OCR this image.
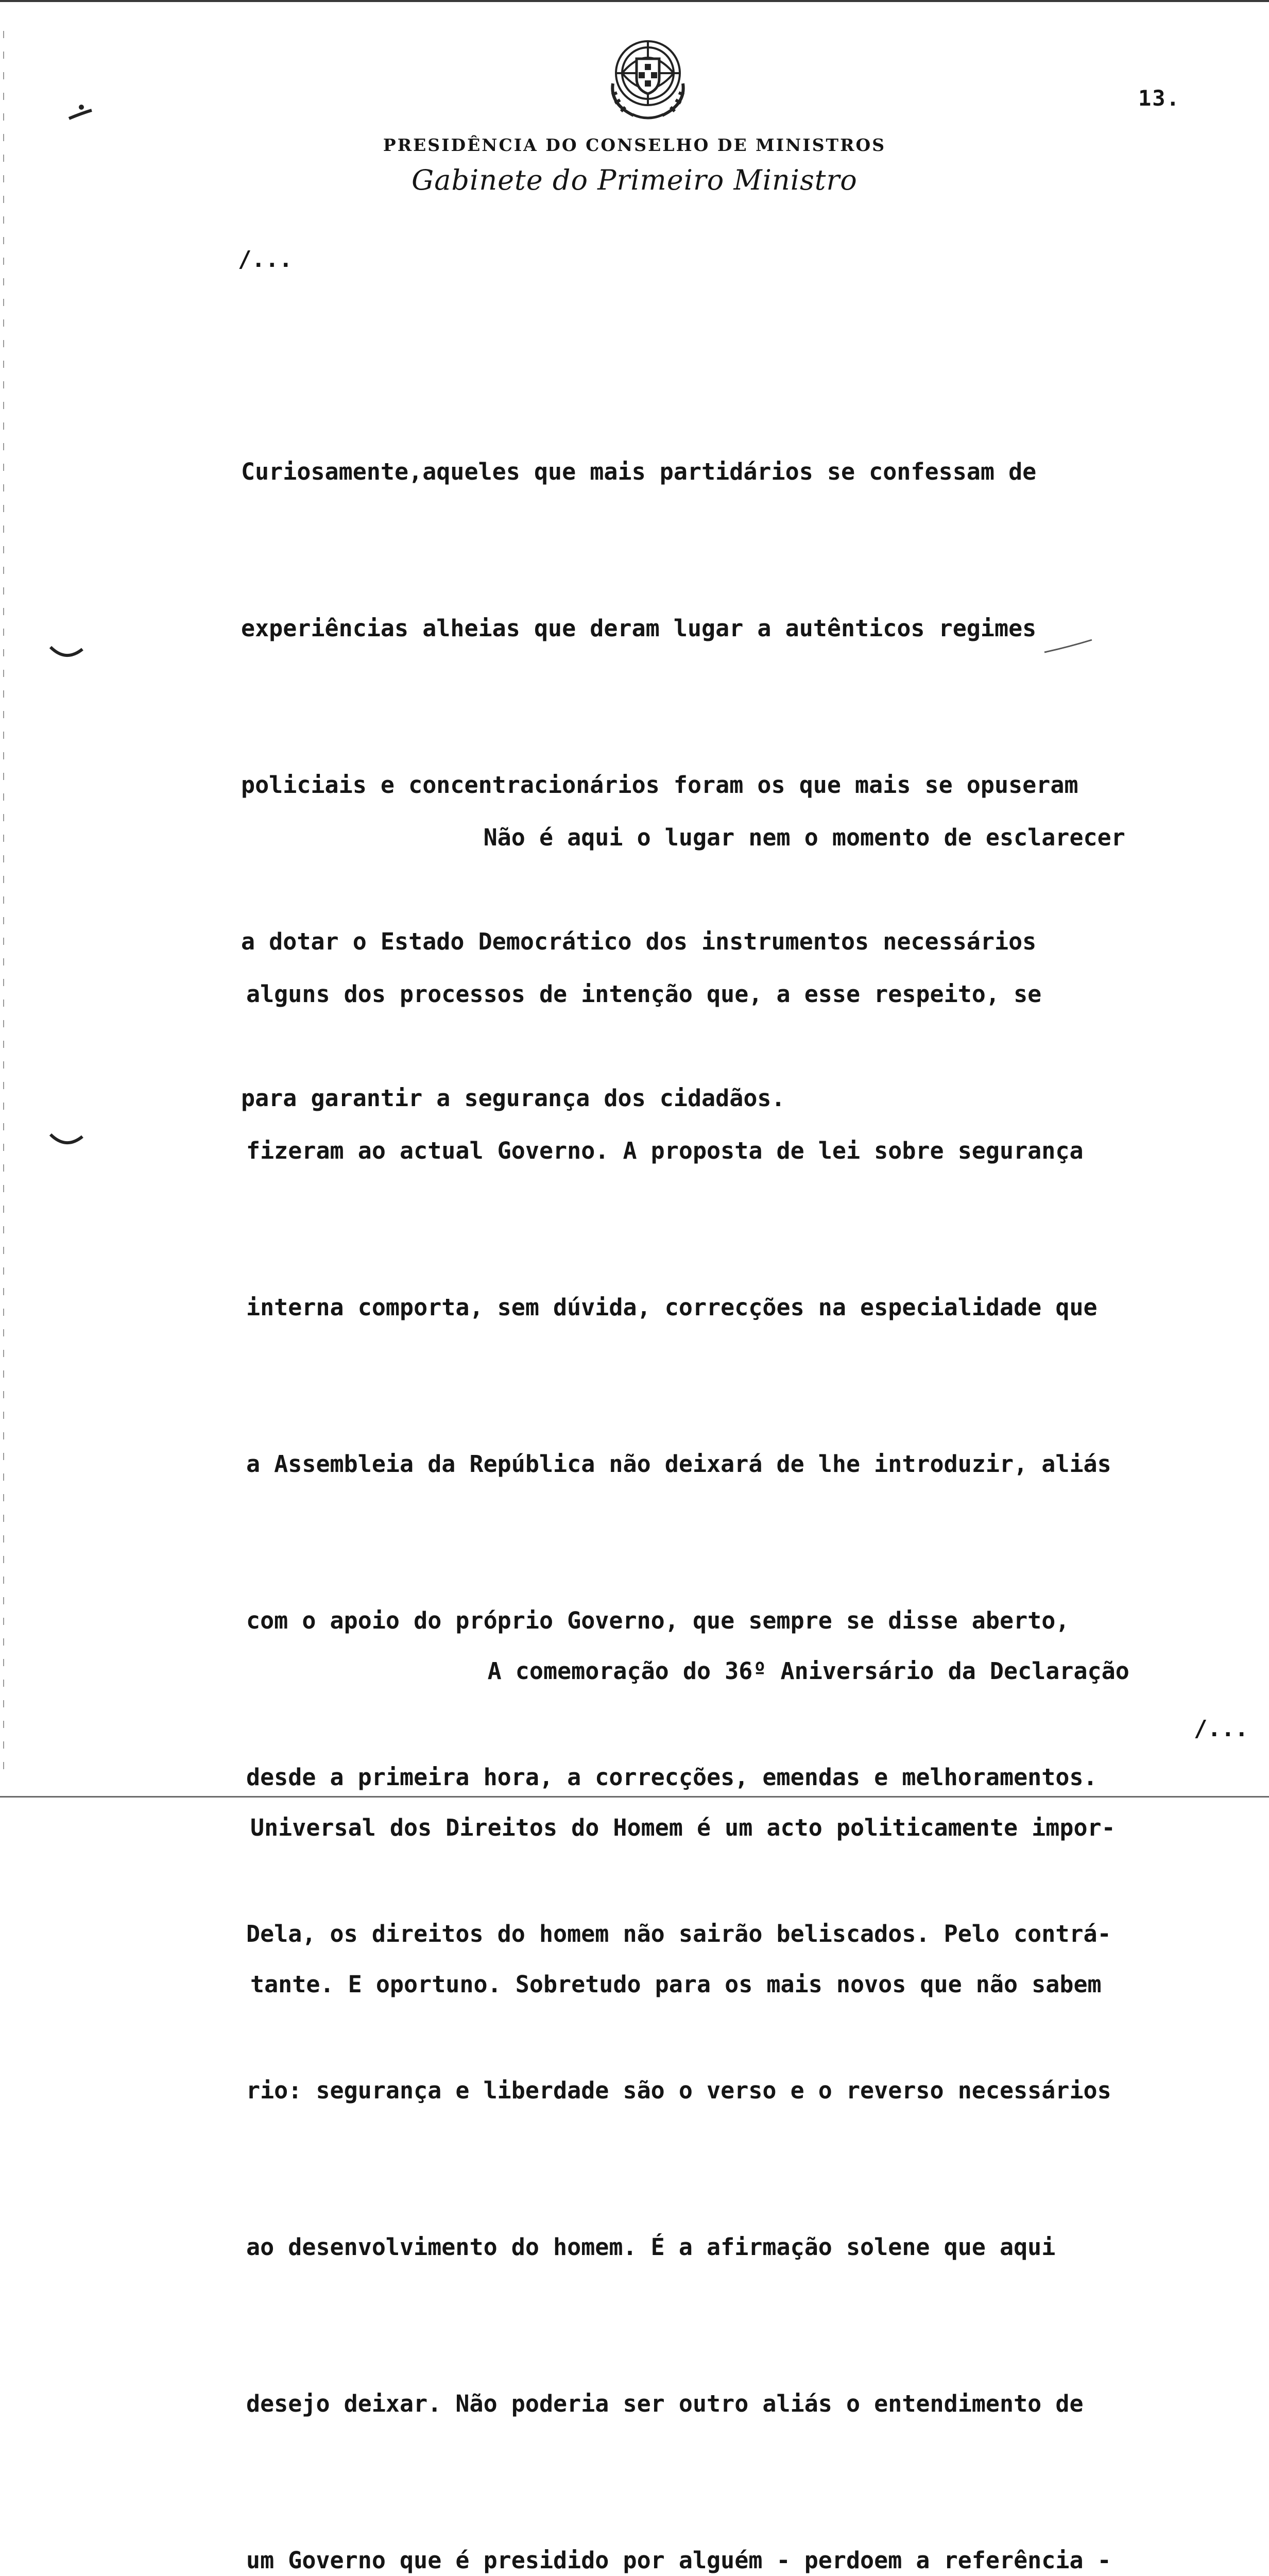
13.
PRESIDÊNCIA DO CONSELHO DE MINISTROS
Gabinete do Primeiro Ministro
/...

Curiosamente,aqueles que mais partidários se confessam de

experiências alheias que deram lugar a autênticos regimes

policiais e concentracionários foram os que mais se opuseram

a dotar o Estado Democrático dos instrumentos necessários

para garantir a segurança dos cidadãos.

Não é aqui o lugar nem o momento de esclarecer

alguns dos processos de intenção que, a esse respeito, se

fizeram ao actual Governo. A proposta de lei sobre segurança

interna comporta, sem dúvida, correcções na especialidade que

a Assembleia da República não deixará de lhe introduzir, aliás

com o apoio do próprio Governo, que sempre se disse aberto,

desde a primeira hora, a correcções, emendas e melhoramentos.

Dela, os direitos do homem não sairão beliscados. Pelo contrá-

rio: segurança e liberdade são o verso e o reverso necessários

ao desenvolvimento do homem. É a afirmação solene que aqui

desejo deixar. Não poderia ser outro aliás o entendimento de

um Governo que é presidido por alguém - perdoem a referência -

A comemoração do 36º Aniversário da Declaração

Universal dos Direitos do Homem é um acto politicamente impor-

tante. E oportuno. Sobretudo para os mais novos que não sabem

/...
